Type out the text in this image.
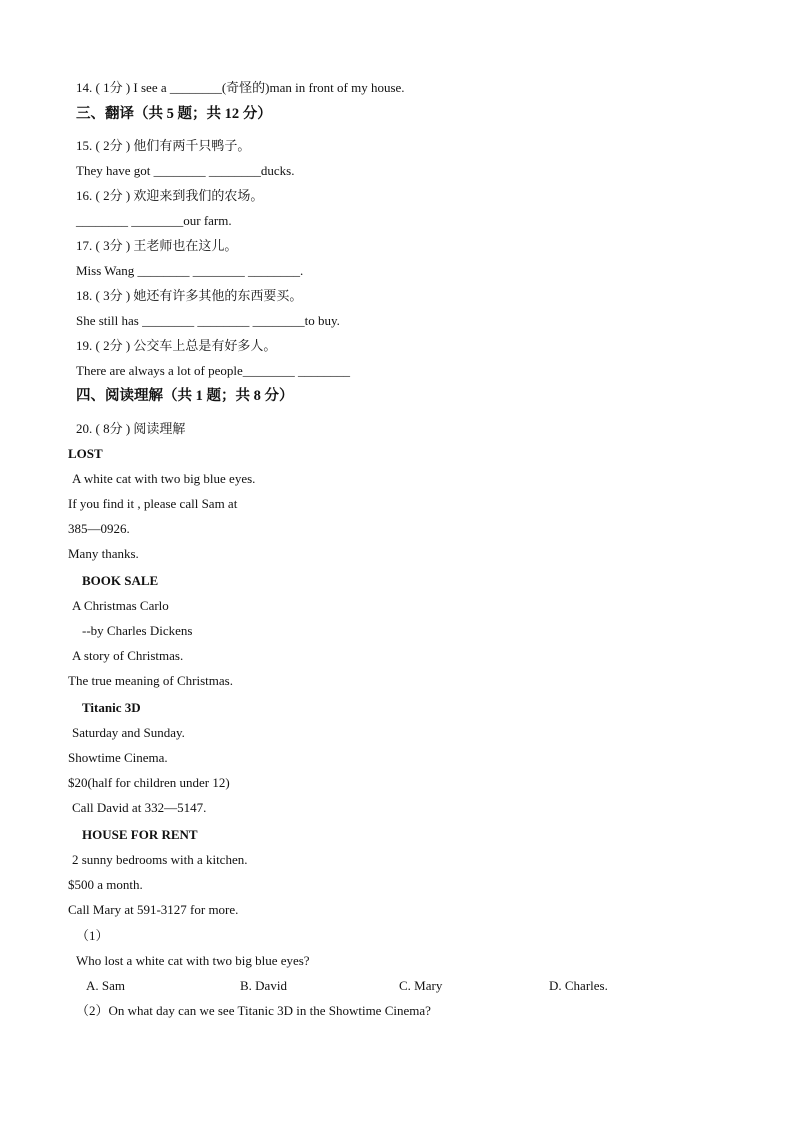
14. ( 1分 ) I see a ________(奇怪的)man in front of my house.
三、翻译（共 5 题；共 12 分）
15. ( 2分 ) 他们有两千只鸭子。
They have got ________ ________ducks.
16. ( 2分 ) 欢迎来到我们的农场。
________ ________our farm.
17. ( 3分 ) 王老师也在这儿。
Miss Wang ________ ________ ________.
18. ( 3分 ) 她还有许多其他的东西要买。
She still has ________ ________ ________to buy.
19. ( 2分 ) 公交车上总是有好多人。
There are always a lot of people________ ________
四、阅读理解（共 1 题；共 8 分）
20. ( 8分 ) 阅读理解
LOST
A white cat with two big blue eyes.
If you find it , please call Sam at
385—0926.
Many thanks.
BOOK SALE
A Christmas Carlo
--by Charles Dickens
A story of Christmas.
The true meaning of Christmas.
Titanic 3D
Saturday and Sunday.
Showtime Cinema.
$20(half for children under 12)
Call David at 332—5147.
HOUSE FOR RENT
2 sunny bedrooms with a kitchen.
$500 a month.
Call Mary at 591-3127 for more.
（1）
Who lost a white cat with two big blue eyes?
A. Sam	B. David	C. Mary	D. Charles.
（2）On what day can we see Titanic 3D in the Showtime Cinema?
